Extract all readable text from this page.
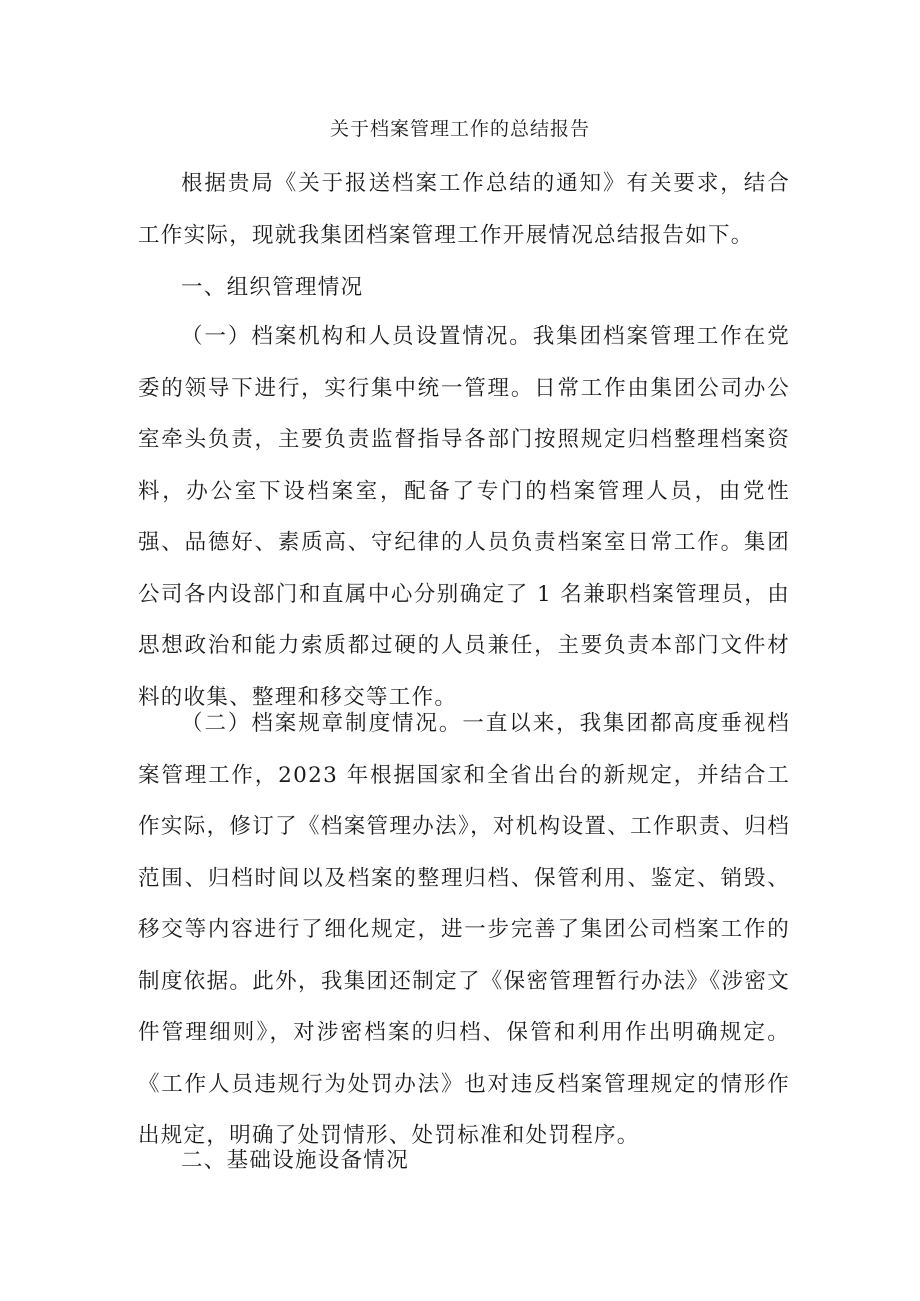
关于档案管理工作的总结报告

根据贵局《关于报送档案工作总结的通知》有关要求，结合工作实际，现就我集团档案管理工作开展情况总结报告如下。

一、组织管理情况

（一）档案机构和人员设置情况。我集团档案管理工作在党委的领导下进行，实行集中统一管理。日常工作由集团公司办公室牵头负责，主要负责监督指导各部门按照规定归档整理档案资料，办公室下设档案室，配备了专门的档案管理人员，由党性强、品德好、素质高、守纪律的人员负责档案室日常工作。集团公司各内设部门和直属中心分别确定了 1 名兼职档案管理员，由思想政治和能力索质都过硬的人员兼任，主要负责本部门文件材料的收集、整理和移交等工作。

（二）档案规章制度情况。一直以来，我集团都高度垂视档案管理工作，2023 年根据国家和全省出台的新规定，并结合工作实际，修订了《档案管理办法》，对机构设置、工作职责、归档范围、归档时间以及档案的整理归档、保管利用、鉴定、销毁、移交等内容进行了细化规定，进一步完善了集团公司档案工作的制度依据。此外，我集团还制定了《保密管理暂行办法》《涉密文件管理细则》，对涉密档案的归档、保管和利用作出明确规定。《工作人员违规行为处罚办法》也对违反档案管理规定的情形作出规定，明确了处罚情形、处罚标准和处罚程序。

二、基础设施设备情况
